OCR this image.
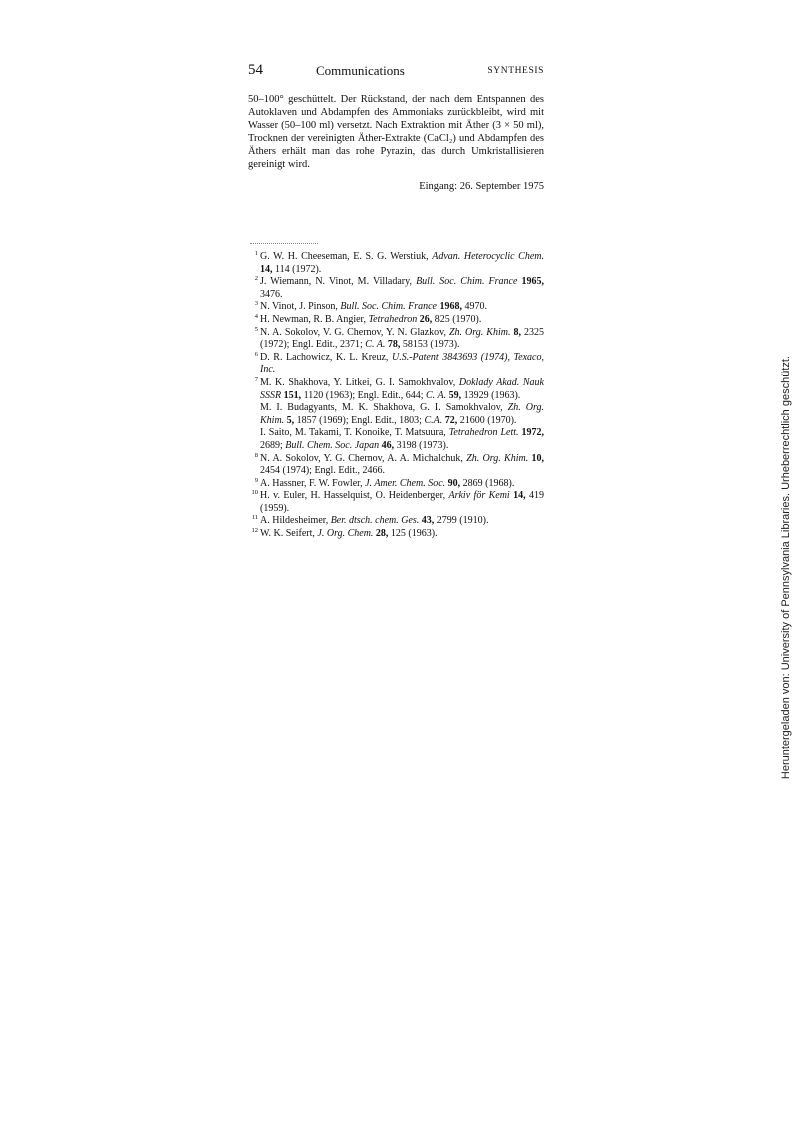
54	Communications	SYNTHESIS

50–100° geschüttelt. Der Rückstand, der nach dem Entspannen des Autoklaven und Abdampfen des Ammoniaks zurückbleibt, wird mit Wasser (50–100 ml) versetzt. Nach Extraktion mit Äther (3 × 50 ml), Trocknen der vereinigten Äther-Extrakte (CaCl₂) und Abdampfen des Äthers erhält man das rohe Pyrazin, das durch Umkristallisieren gereinigt wird.

Eingang: 26. September 1975
1 G. W. H. Cheeseman, E. S. G. Werstiuk, Advan. Heterocyclic Chem. 14, 114 (1972).

2 J. Wiemann, N. Vinot, M. Villadary, Bull. Soc. Chim. France 1965, 3476.

3 N. Vinot, J. Pinson, Bull. Soc. Chim. France 1968, 4970.

4 H. Newman, R. B. Angier, Tetrahedron 26, 825 (1970).

5 N. A. Sokolov, V. G. Chernov, Y. N. Glazkov, Zh. Org. Khim. 8, 2325 (1972); Engl. Edit., 2371; C. A. 78, 58153 (1973).

6 D. R. Lachowicz, K. L. Kreuz, U.S.-Patent 3843693 (1974), Texaco, Inc.

7 M. K. Shakhova, Y. Litkei, G. I. Samokhvalov, Doklady Akad. Nauk SSSR 151, 1120 (1963); Engl. Edit., 644; C. A. 59, 13929 (1963).

M. I. Budagyants, M. K. Shakhova, G. I. Samokhvalov, Zh. Org. Khim. 5, 1857 (1969); Engl. Edit., 1803; C.A. 72, 21600 (1970).

I. Saito, M. Takami, T. Konoike, T. Matsuura, Tetrahedron Lett. 1972, 2689; Bull. Chem. Soc. Japan 46, 3198 (1973).

8 N. A. Sokolov, Y. G. Chernov, A. A. Michalchuk, Zh. Org. Khim. 10, 2454 (1974); Engl. Edit., 2466.

9 A. Hassner, F. W. Fowler, J. Amer. Chem. Soc. 90, 2869 (1968).

10 H. v. Euler, H. Hasselquist, O. Heidenberger, Arkiv för Kemi 14, 419 (1959).

11 A. Hildesheimer, Ber. dtsch. chem. Ges. 43, 2799 (1910).

12 W. K. Seifert, J. Org. Chem. 28, 125 (1963).	Heruntergeladen von: University of Pennsylvania Libraries. Urheberrechtlich geschützt.
